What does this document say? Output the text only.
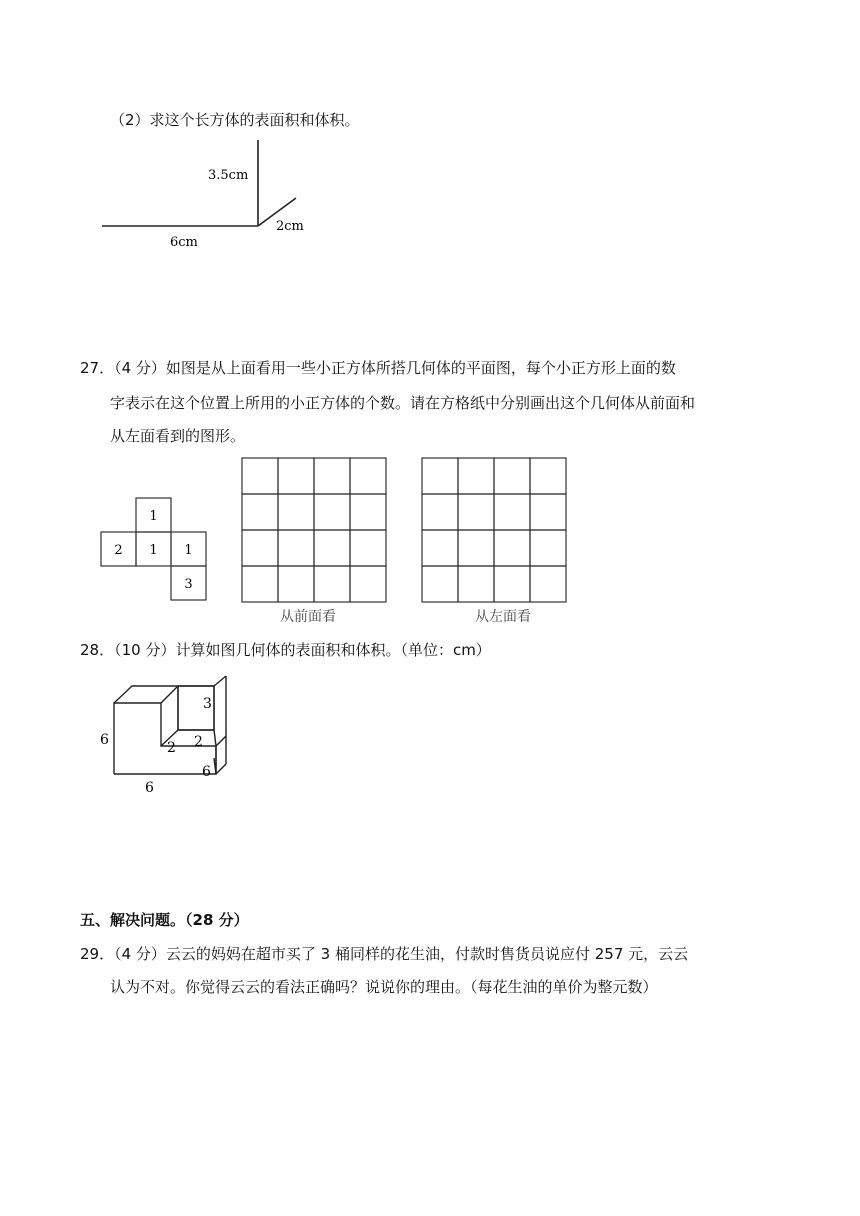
（2）求这个长方体的表面积和体积。
3.5cm
6cm
2cm
27．（4 分）如图是从上面看用一些小正方体所搭几何体的平面图，每个小正方形上面的数
字表示在这个位置上所用的小正方体的个数。请在方格纸中分别画出这个几何体从前面和
从左面看到的图形。
1
2 1 1
3
从前面看	从左面看
28．（10 分）计算如图几何体的表面积和体积。（单位：cm）
6
6
6
3
2 2
五、解决问题。（28 分）
29．（4 分）云云的妈妈在超市买了 3 桶同样的花生油，付款时售货员说应付 257 元，云云
认为不对。你觉得云云的看法正确吗？说说你的理由。（每花生油的单价为整元数）
